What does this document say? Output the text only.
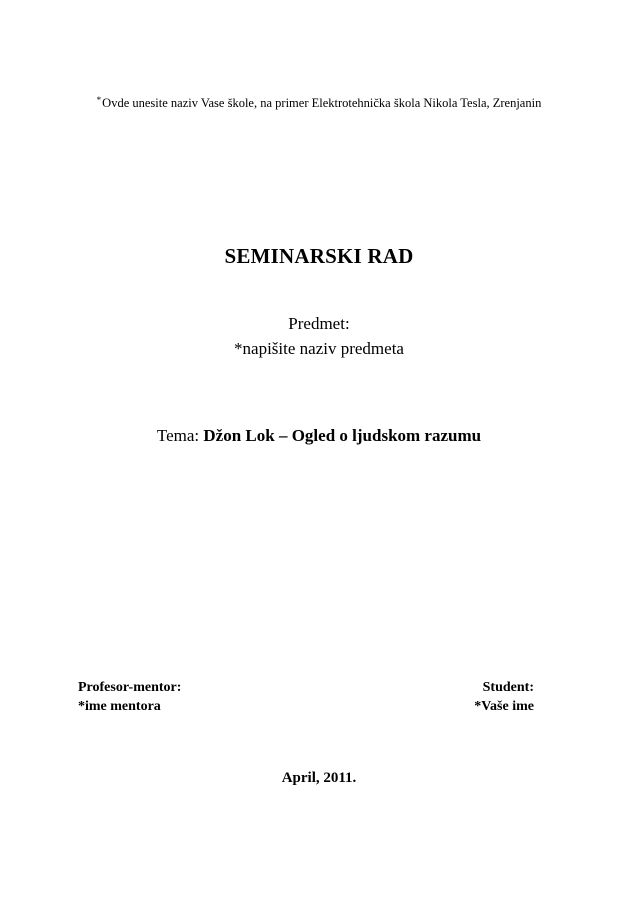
*Ovde unesite naziv Vase škole, na primer Elektrotehnička škola Nikola Tesla, Zrenjanin
SEMINARSKI RAD
Predmet:
*napišite naziv predmeta
Tema: Džon Lok – Ogled o ljudskom razumu
Profesor-mentor:
*ime mentora
Student:
*Vaše ime
April, 2011.
